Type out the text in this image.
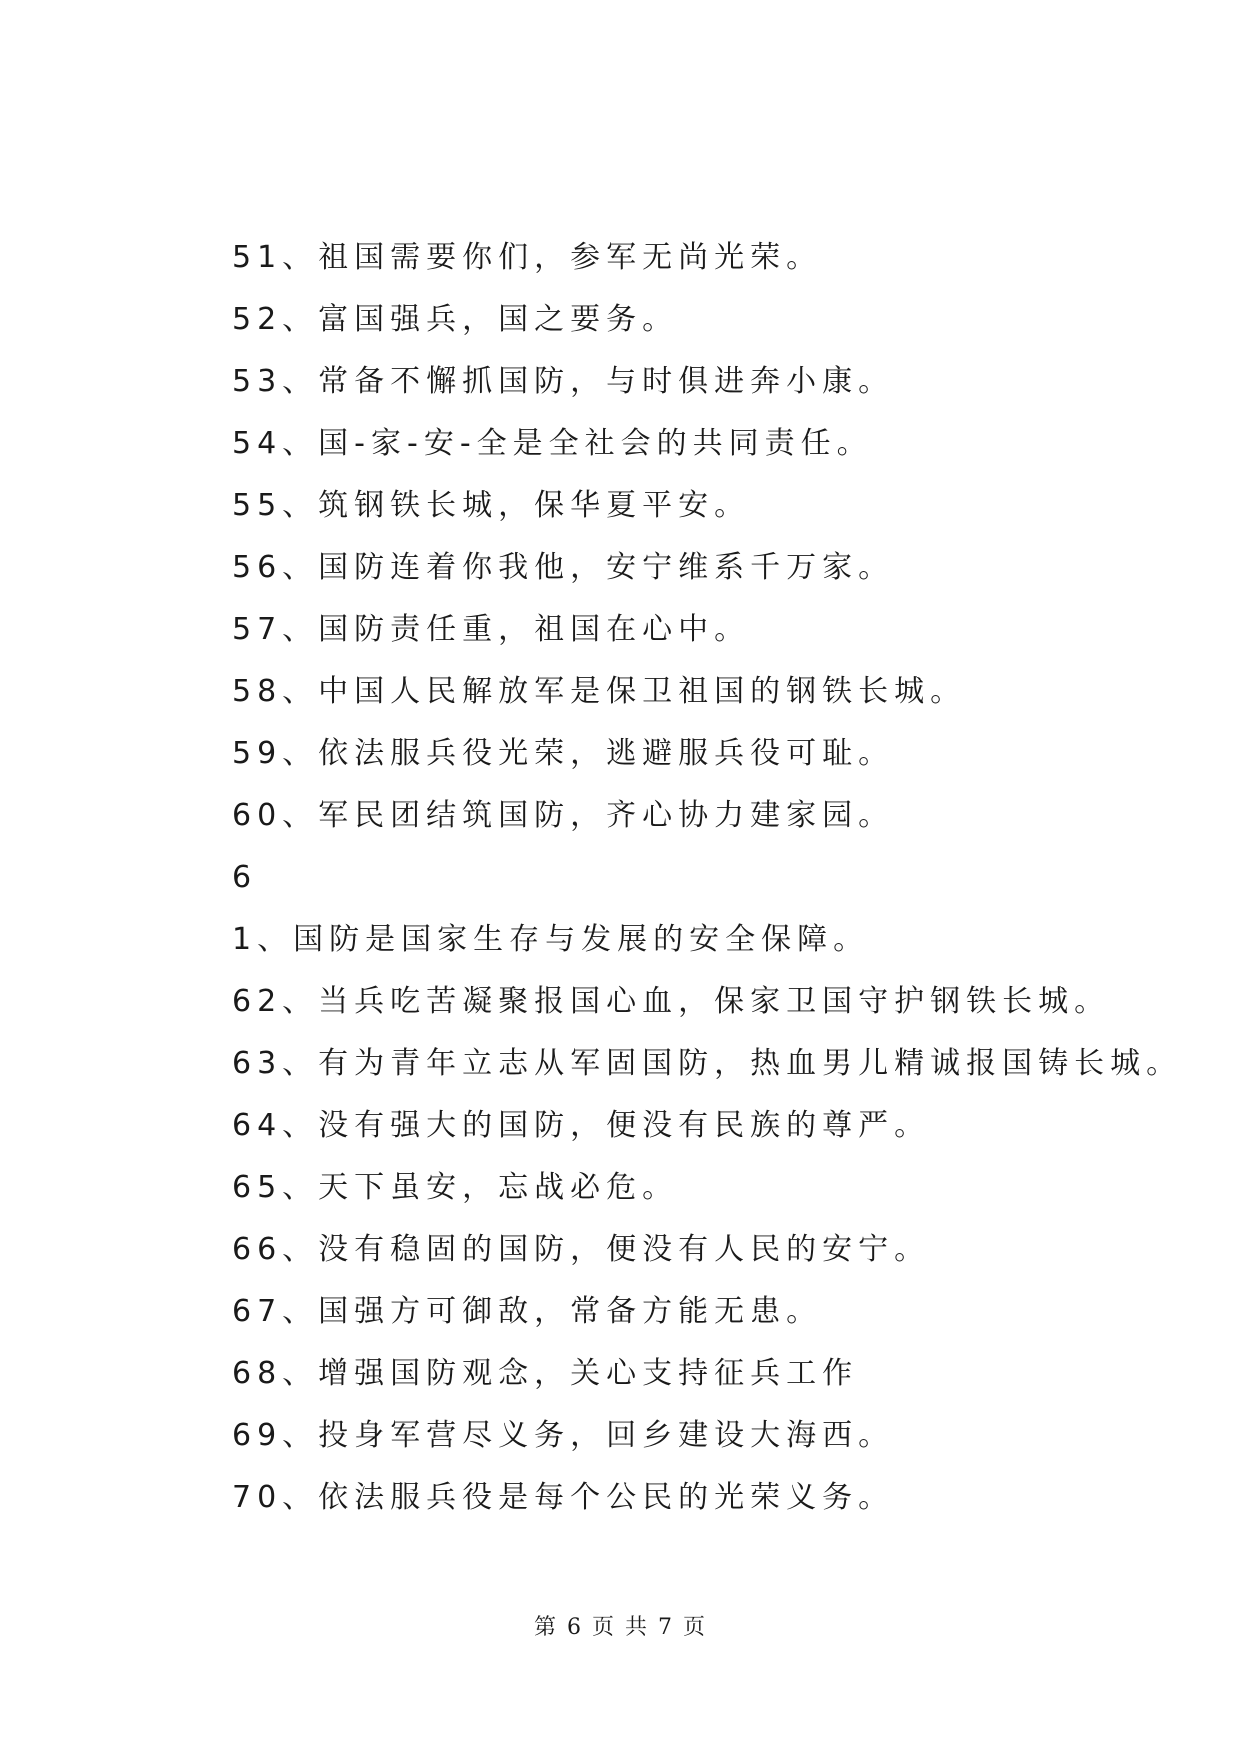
51、祖国需要你们，参军无尚光荣。
52、富国强兵，国之要务。
53、常备不懈抓国防，与时俱进奔小康。
54、国-家-安-全是全社会的共同责任。
55、筑钢铁长城，保华夏平安。
56、国防连着你我他，安宁维系千万家。
57、国防责任重，祖国在心中。
58、中国人民解放军是保卫祖国的钢铁长城。
59、依法服兵役光荣，逃避服兵役可耻。
60、军民团结筑国防，齐心协力建家园。
6
1、国防是国家生存与发展的安全保障。
62、当兵吃苦凝聚报国心血，保家卫国守护钢铁长城。
63、有为青年立志从军固国防，热血男儿精诚报国铸长城。
64、没有强大的国防，便没有民族的尊严。
65、天下虽安，忘战必危。
66、没有稳固的国防，便没有人民的安宁。
67、国强方可御敌，常备方能无患。
68、增强国防观念，关心支持征兵工作
69、投身军营尽义务，回乡建设大海西。
70、依法服兵役是每个公民的光荣义务。
第 6 页 共 7 页
